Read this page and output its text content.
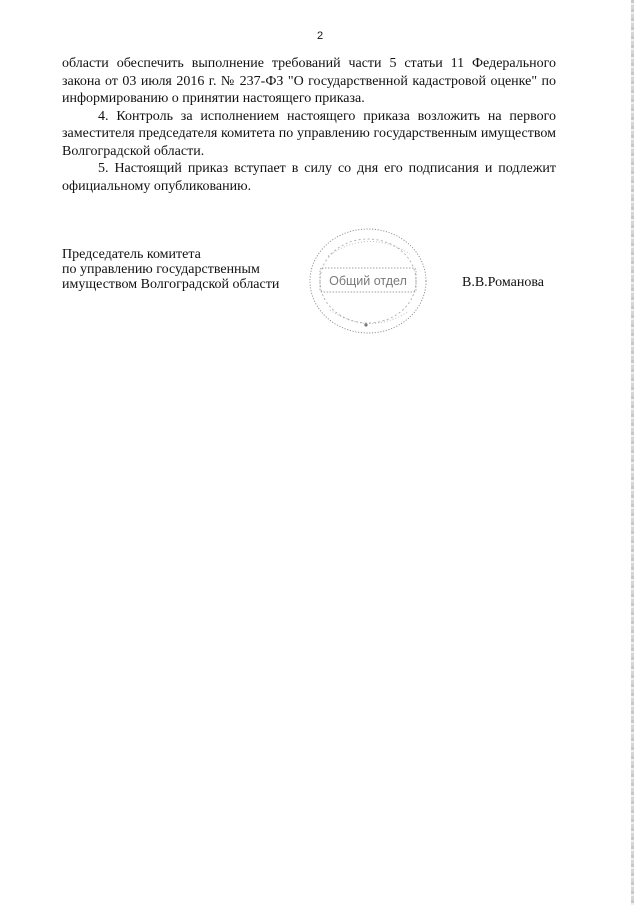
2

области обеспечить выполнение требований части 5 статьи 11 Федерального закона от 03 июля 2016 г. № 237-ФЗ "О государственной кадастровой оценке" по информированию о принятии настоящего приказа.

4. Контроль за исполнением настоящего приказа возложить на первого заместителя председателя комитета по управлению государственным имуществом Волгоградской области.

5. Настоящий приказ вступает в силу со дня его подписания и подлежит официальному опубликованию.

Председатель комитета
по управлению государственным
имуществом Волгоградской области	Общий отдел	В.В.Романова
